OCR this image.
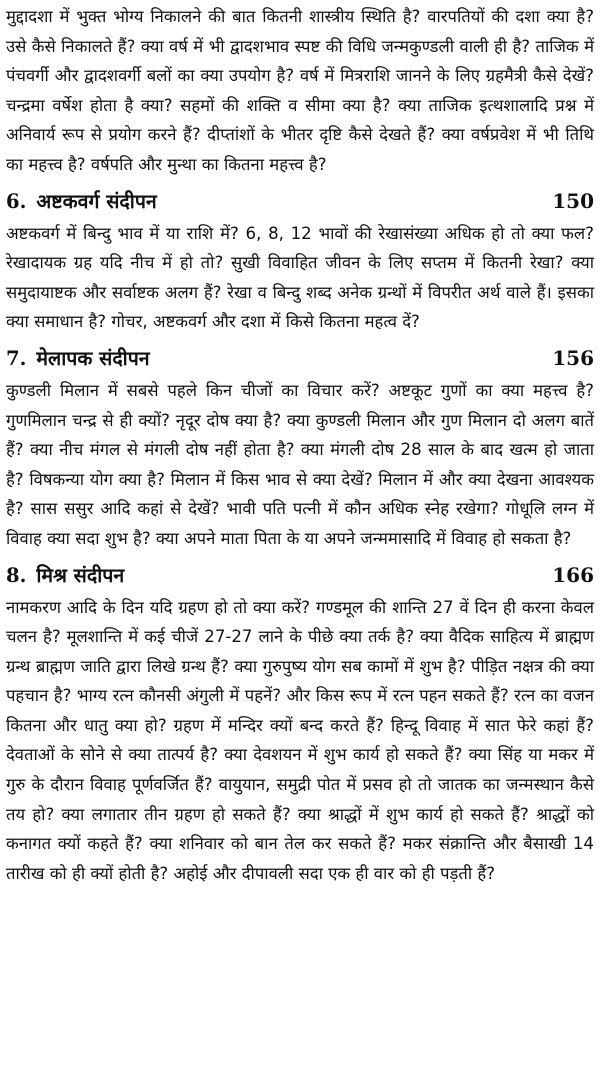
मुद्दादशा में भुक्त भोग्य निकालने की बात कितनी शास्त्रीय स्थिति है? वारपतियों की दशा क्या है? उसे कैसे निकालते हैं? क्या वर्ष में भी द्वादशभाव स्पष्ट की विधि जन्मकुण्डली वाली ही है? ताजिक में पंचवर्गी और द्वादशवर्गी बलों का क्या उपयोग है? वर्ष में मित्रराशि जानने के लिए ग्रहमैत्री कैसे देखें? चन्द्रमा वर्षेश होता है क्या? सहमों की शक्ति व सीमा क्या है? क्या ताजिक इत्थशालादि प्रश्न में अनिवार्य रूप से प्रयोग करने हैं? दीप्तांशों के भीतर दृष्टि कैसे देखते हैं? क्या वर्षप्रवेश में भी तिथि का महत्त्व है? वर्षपति और मुन्था का कितना महत्त्व है?

6. अष्टकवर्ग संदीपन	150

अष्टकवर्ग में बिन्दु भाव में या राशि में? 6, 8, 12 भावों की रेखासंख्या अधिक हो तो क्या फल? रेखादायक ग्रह यदि नीच में हो तो? सुखी विवाहित जीवन के लिए सप्तम में कितनी रेखा? क्या समुदायाष्टक और सर्वाष्टक अलग हैं? रेखा व बिन्दु शब्द अनेक ग्रन्थों में विपरीत अर्थ वाले हैं। इसका क्या समाधान है? गोचर, अष्टकवर्ग और दशा में किसे कितना महत्व दें?

7. मेलापक संदीपन	156

कुण्डली मिलान में सबसे पहले किन चीजों का विचार करें? अष्टकूट गुणों का क्या महत्त्व है? गुणमिलान चन्द्र से ही क्यों? नृदूर दोष क्या है? क्या कुण्डली मिलान और गुण मिलान दो अलग बातें हैं? क्या नीच मंगल से मंगली दोष नहीं होता है? क्या मंगली दोष 28 साल के बाद खत्म हो जाता है? विषकन्या योग क्या है? मिलान में किस भाव से क्या देखें? मिलान में और क्या देखना आवश्यक है? सास ससुर आदि कहां से देखें? भावी पति पत्नी में कौन अधिक स्नेह रखेगा? गोधूलि लग्न में विवाह क्या सदा शुभ है? क्या अपने माता पिता के या अपने जन्ममासादि में विवाह हो सकता है?

8. मिश्र संदीपन	166

नामकरण आदि के दिन यदि ग्रहण हो तो क्या करें? गण्डमूल की शान्ति 27 वें दिन ही करना केवल चलन है? मूलशान्ति में कई चीजें 27-27 लाने के पीछे क्या तर्क है? क्या वैदिक साहित्य में ब्राह्मण ग्रन्थ ब्राह्मण जाति द्वारा लिखे ग्रन्थ हैं? क्या गुरुपुष्य योग सब कामों में शुभ है? पीड़ित नक्षत्र की क्या पहचान है? भाग्य रत्न कौनसी अंगुली में पहनें? और किस रूप में रत्न पहन सकते हैं? रत्न का वजन कितना और धातु क्या हो? ग्रहण में मन्दिर क्यों बन्द करते हैं? हिन्दू विवाह में सात फेरे कहां हैं? देवताओं के सोने से क्या तात्पर्य है? क्या देवशयन में शुभ कार्य हो सकते हैं? क्या सिंह या मकर में गुरु के दौरान विवाह पूर्णवर्जित हैं? वायुयान, समुद्री पोत में प्रसव हो तो जातक का जन्मस्थान कैसे तय हो? क्या लगातार तीन ग्रहण हो सकते हैं? क्या श्राद्धों में शुभ कार्य हो सकते हैं? श्राद्धों को कनागत क्यों कहते हैं? क्या शनिवार को बान तेल कर सकते हैं? मकर संक्रान्ति और बैसाखी 14 तारीख को ही क्यों होती है? अहोई और दीपावली सदा एक ही वार को ही पड़ती हैं?
